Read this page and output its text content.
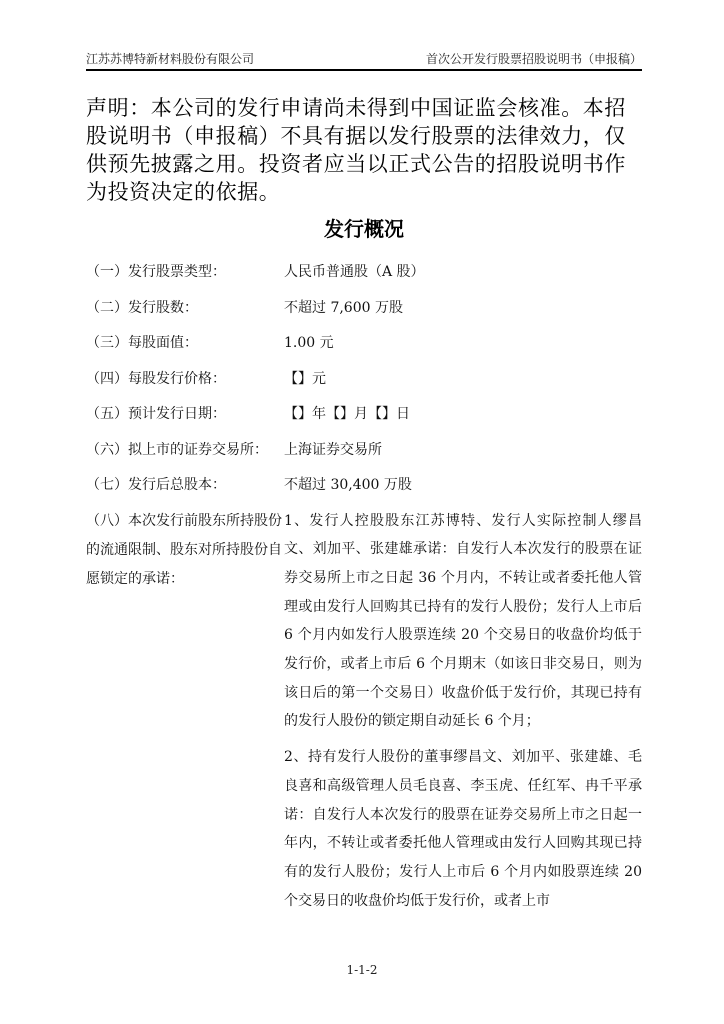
江苏苏博特新材料股份有限公司	首次公开发行股票招股说明书（申报稿）

声明：本公司的发行申请尚未得到中国证监会核准。本招股说明书（申报稿）不具有据以发行股票的法律效力，仅供预先披露之用。投资者应当以正式公告的招股说明书作为投资决定的依据。

发行概况
（一）发行股票类型：	人民币普通股（A 股）
（二）发行股数：	不超过 7,600 万股
（三）每股面值：	1.00 元
（四）每股发行价格：	【】元
（五）预计发行日期：	【】年【】月【】日
（六）拟上市的证券交易所：	上海证券交易所
（七）发行后总股本：	不超过 30,400 万股
（八）本次发行前股东所持股份的流通限制、股东对所持股份自愿锁定的承诺：

1、发行人控股股东江苏博特、发行人实际控制人缪昌文、刘加平、张建雄承诺：自发行人本次发行的股票在证券交易所上市之日起 36 个月内，不转让或者委托他人管理或由发行人回购其已持有的发行人股份；发行人上市后 6 个月内如发行人股票连续 20 个交易日的收盘价均低于发行价，或者上市后 6 个月期末（如该日非交易日，则为该日后的第一个交易日）收盘价低于发行价，其现已持有的发行人股份的锁定期自动延长 6 个月；

2、持有发行人股份的董事缪昌文、刘加平、张建雄、毛良喜和高级管理人员毛良喜、李玉虎、任红军、冉千平承诺：自发行人本次发行的股票在证券交易所上市之日起一年内，不转让或者委托他人管理或由发行人回购其现已持有的发行人股份；发行人上市后 6 个月内如股票连续 20 个交易日的收盘价均低于发行价，或者上市

1-1-2
